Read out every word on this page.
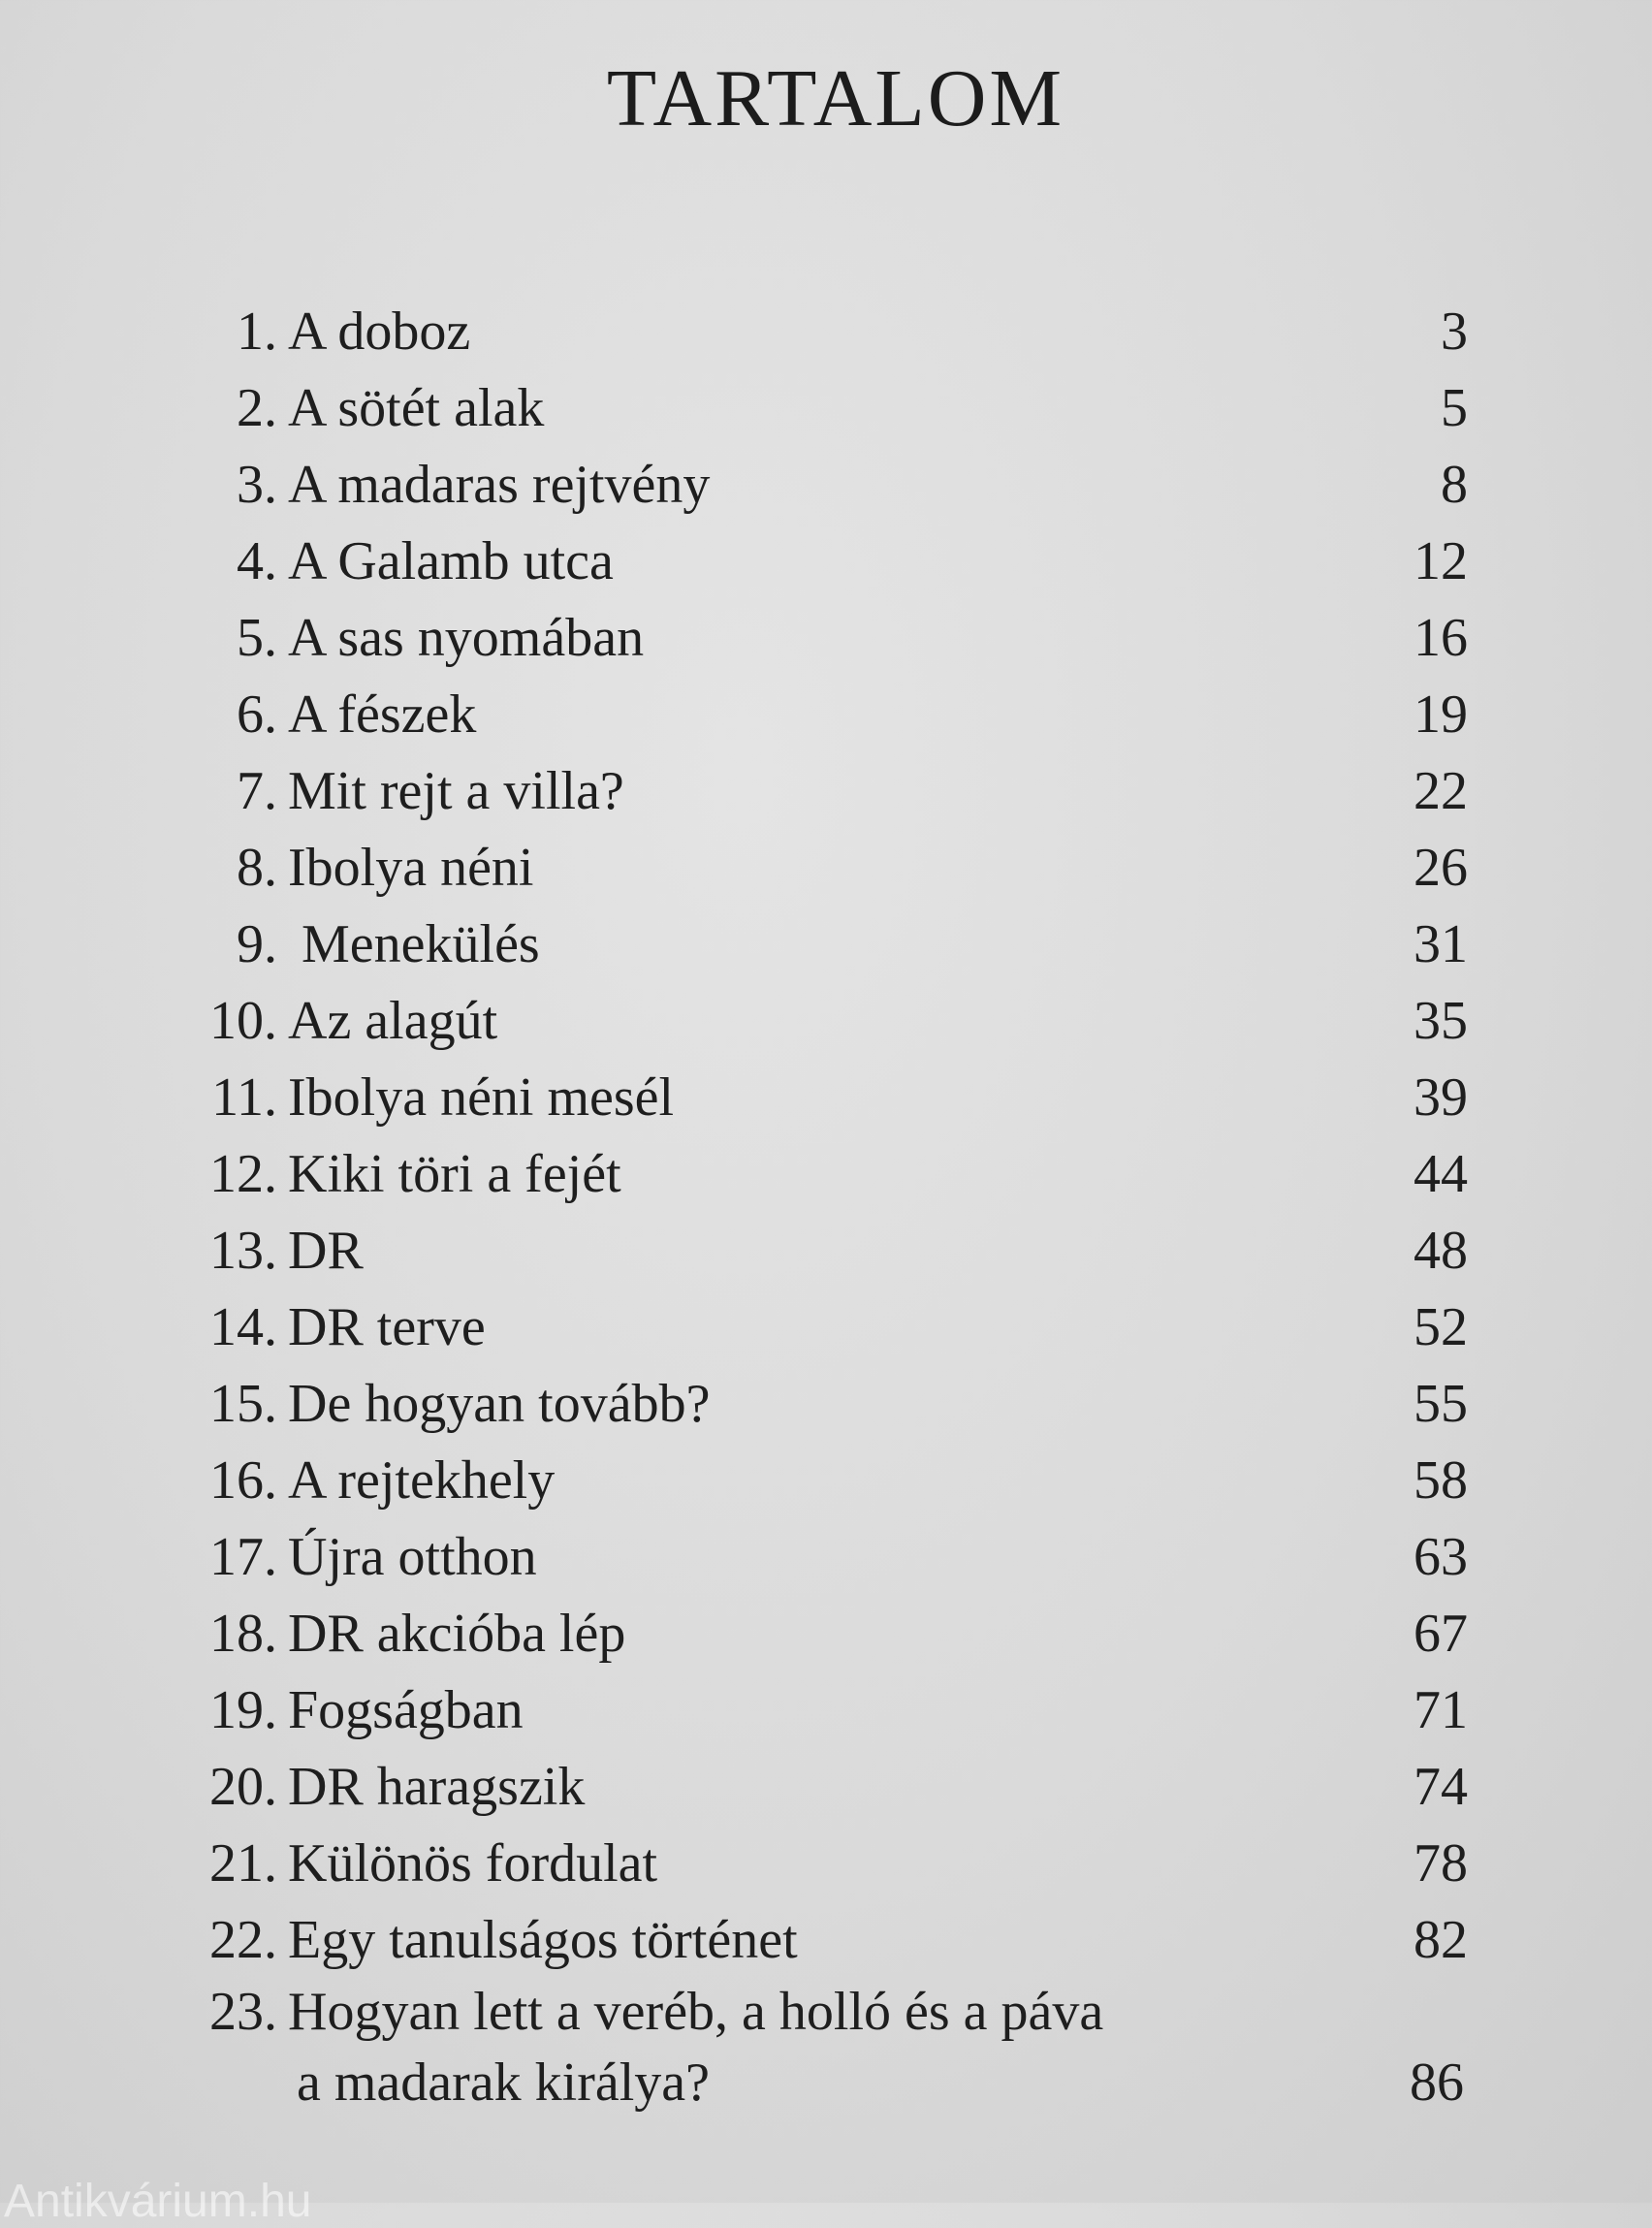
TARTALOM
1. A doboz	3
2. A sötét alak	5
3. A madaras rejtvény	8
4. A Galamb utca	12
5. A sas nyomában	16
6. A fészek	19
7. Mit rejt a villa?	22
8. Ibolya néni	26
9. Menekülés	31
10. Az alagút	35
11. Ibolya néni mesél	39
12. Kiki töri a fejét	44
13. DR	48
14. DR terve	52
15. De hogyan tovább?	55
16. A rejtekhely	58
17. Újra otthon	63
18. DR akcióba lép	67
19. Fogságban	71
20. DR haragszik	74
21. Különös fordulat	78
22. Egy tanulságos történet	82
23. Hogyan lett a veréb, a holló és a páva
a madarak királya?	86
Antikvárium.hu
